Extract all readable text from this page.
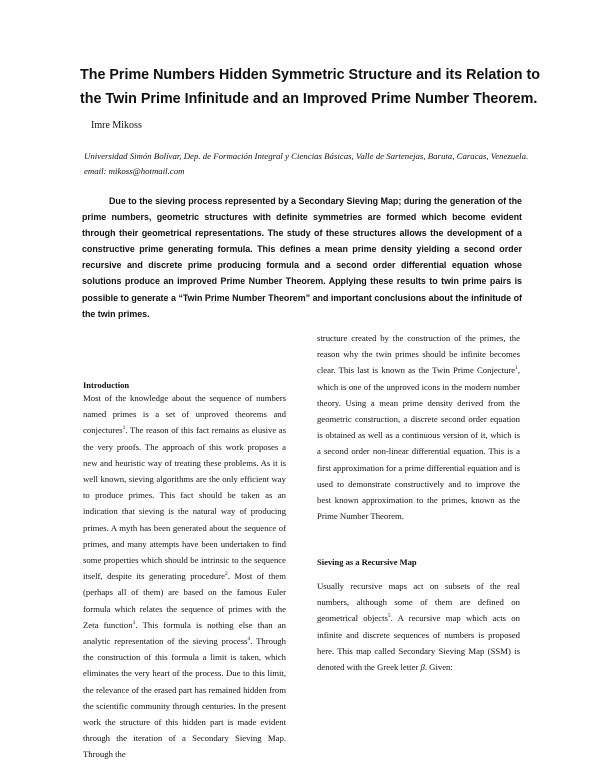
The Prime Numbers Hidden Symmetric Structure and its Relation to the Twin Prime Infinitude and an Improved Prime Number Theorem.

Imre Mikoss

Universidad Simón Bolívar, Dep. de Formación Integral y Ciencias Básicas, Valle de Sartenejas, Baruta, Caracas, Venezuela. email: mikoss@hotmail.com

Due to the sieving process represented by a Secondary Sieving Map; during the generation of the prime numbers, geometric structures with definite symmetries are formed which become evident through their geometrical representations. The study of these structures allows the development of a constructive prime generating formula. This defines a mean prime density yielding a second order recursive and discrete prime producing formula and a second order differential equation whose solutions produce an improved Prime Number Theorem. Applying these results to twin prime pairs is possible to generate a “Twin Prime Number Theorem” and important conclusions about the infinitude of the twin primes.

Introduction

Most of the knowledge about the sequence of numbers named primes is a set of unproved theorems and conjectures$^1$. The reason of this fact remains as elusive as the very proofs. The approach of this work proposes a new and heuristic way of treating these problems. As it is well known, sieving algorithms are the only efficient way to produce primes. This fact should be taken as an indication that sieving is the natural way of producing primes. A myth has been generated about the sequence of primes, and many attempts have been undertaken to find some properties which should be intrinsic to the sequence itself, despite its generating procedure$^2$. Most of them (perhaps all of them) are based on the famous Euler formula which relates the sequence of primes with the Zeta function$^3$. This formula is nothing else than an analytic representation of the sieving process$^4$. Through the construction of this formula a limit is taken, which eliminates the very heart of the process. Due to this limit, the relevance of the erased part has remained hidden from the scientific community through centuries. In the present work the structure of this hidden part is made evident through the iteration of a Secondary Sieving Map. Through the

structure created by the construction of the primes, the reason why the twin primes should be infinite becomes clear. This last is known as the Twin Prime Conjecture$^1$, which is one of the unproved icons in the modern number theory. Using a mean prime density derived from the geometric construction, a discrete second order equation is obtained as well as a continuous version of it, which is a second order non-linear differential equation. This is a first approximation for a prime differential equation and is used to demonstrate constructively and to improve the best known approximation to the primes, known as the Prime Number Theorem.

Sieving as a Recursive Map

Usually recursive maps act on subsets of the real numbers, although some of them are defined on geometrical objects$^5$. A recursive map which acts on infinite and discrete sequences of numbers is proposed here. This map called Secondary Sieving Map (SSM) is denoted with the Greek letter β. Given:
